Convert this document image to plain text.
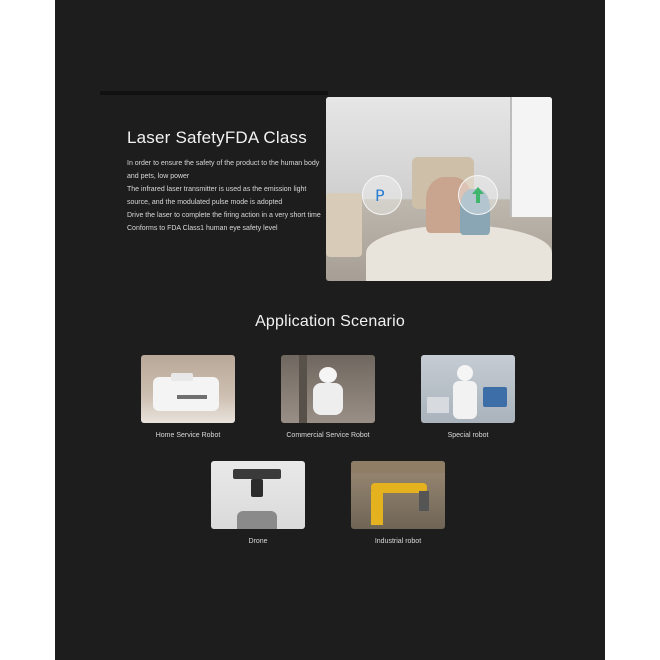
Laser SafetyFDA Class

In order to ensure the safety of the product to the human body and pets, low power

The infrared laser transmitter is used as the emission light source, and the modulated pulse mode is adopted

Drive the laser to complete the firing action in a very short time

Conforms to FDA Class1 human eye safety level

P
Application Scenario
Home Service Robot	Commercial Service Robot	Special robot
Drone	Industrial robot
